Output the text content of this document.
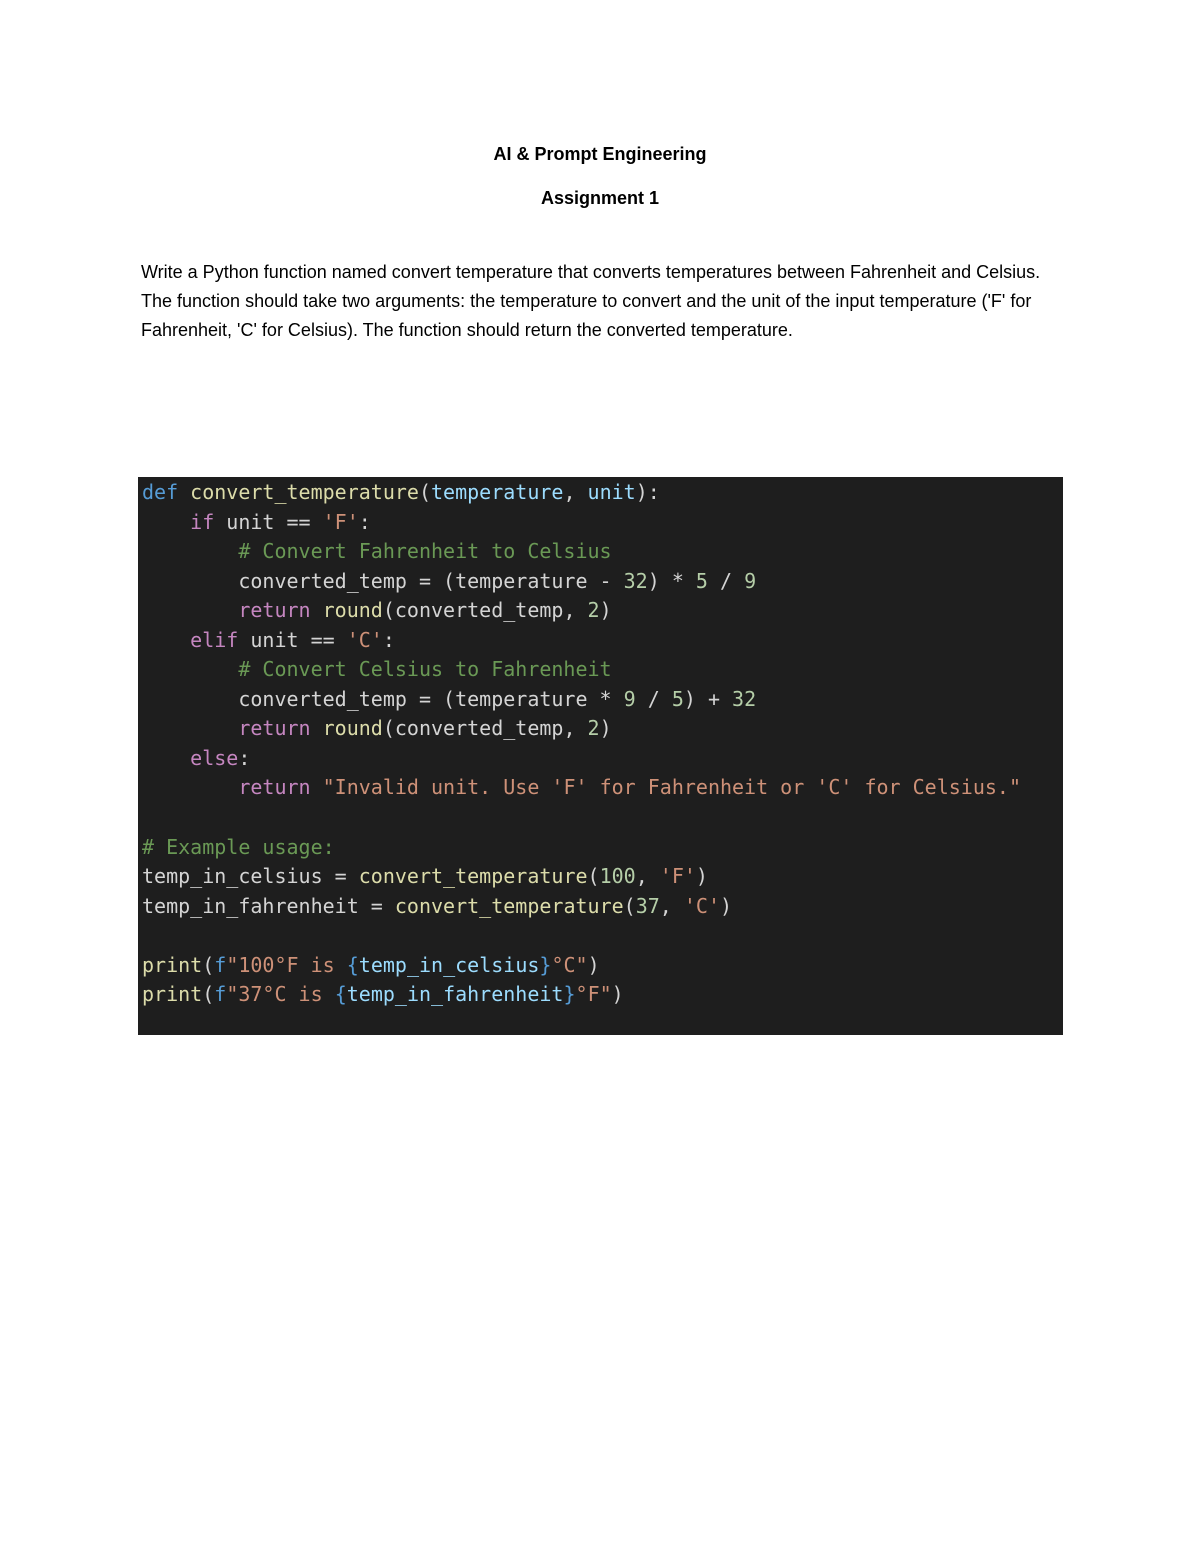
AI & Prompt Engineering
Assignment 1
Write a Python function named convert temperature that converts temperatures between Fahrenheit and Celsius. The function should take two arguments: the temperature to convert and the unit of the input temperature ('F' for Fahrenheit, 'C' for Celsius). The function should return the converted temperature.
def convert_temperature(temperature, unit):
if unit == 'F':
# Convert Fahrenheit to Celsius
converted_temp = (temperature - 32) * 5 / 9
return round(converted_temp, 2)
elif unit == 'C':
# Convert Celsius to Fahrenheit
converted_temp = (temperature * 9 / 5) + 32
return round(converted_temp, 2)
else:
return "Invalid unit. Use 'F' for Fahrenheit or 'C' for Celsius."

# Example usage:
temp_in_celsius = convert_temperature(100, 'F')
temp_in_fahrenheit = convert_temperature(37, 'C')

print(f"100°F is {temp_in_celsius}°C")
print(f"37°C is {temp_in_fahrenheit}°F")
